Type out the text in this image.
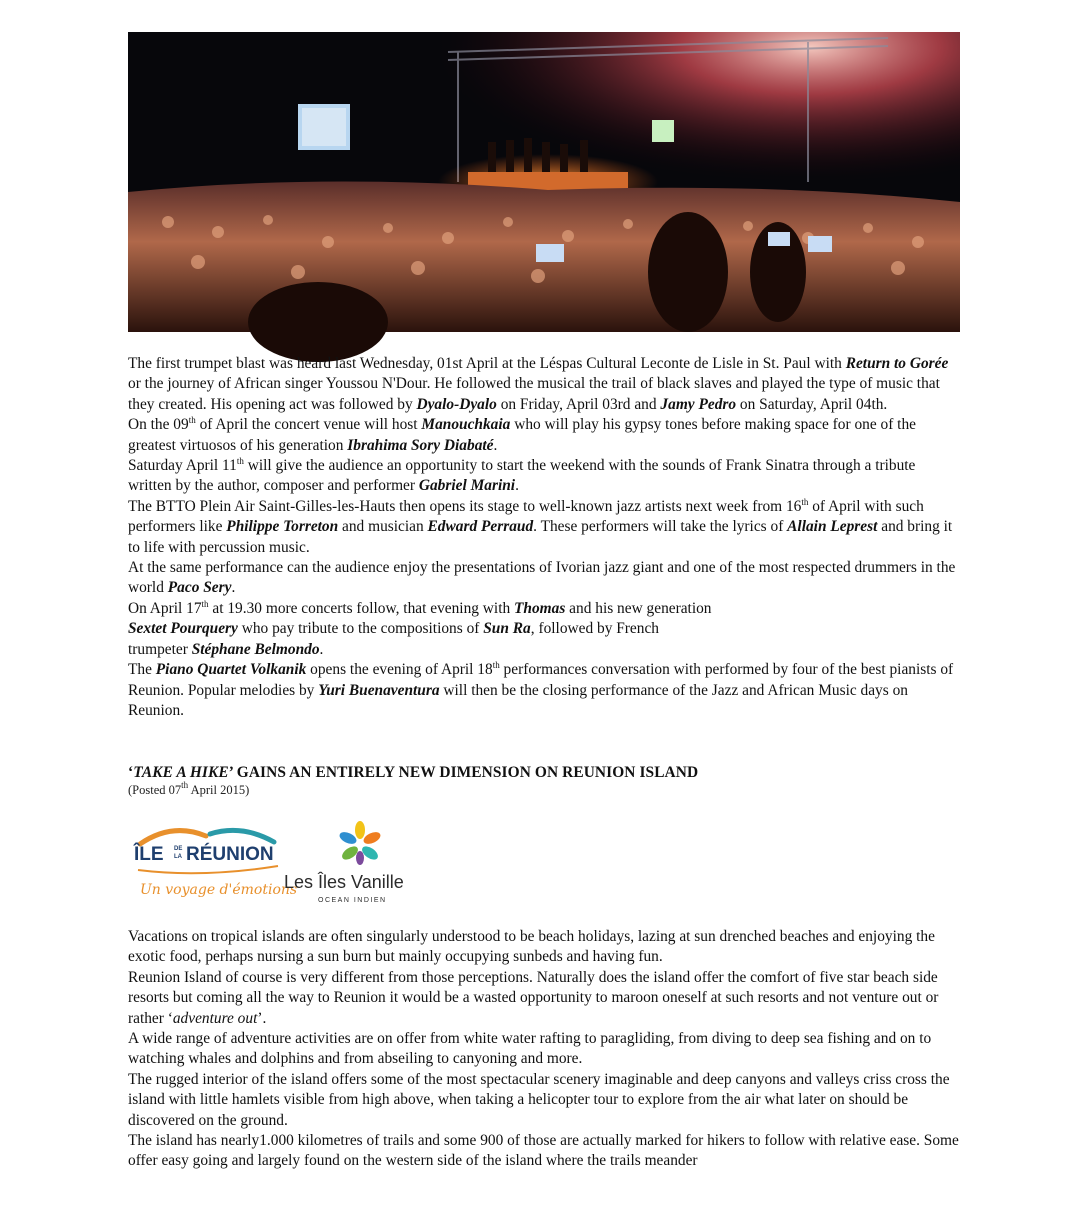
The first trumpet blast was heard last Wednesday, 01st April at the Léspas Cultural Leconte de Lisle in St. Paul with Return to Gorée or the journey of African singer Youssou N'Dour. He followed the musical the trail of black slaves and played the type of music that they created. His opening act was followed by Dyalo-Dyalo on Friday, April 03rd and Jamy Pedro on Saturday, April 04th.

On the 09th of April the concert venue will host Manouchkaia who will play his gypsy tones before making space for one of the greatest virtuosos of his generation Ibrahima Sory Diabaté.

Saturday April 11th will give the audience an opportunity to start the weekend with the sounds of Frank Sinatra through a tribute written by the author, composer and performer Gabriel Marini.

The BTTO Plein Air Saint-Gilles-les-Hauts then opens its stage to well-known jazz artists next week from 16th of April with such performers like Philippe Torreton and musician Edward Perraud. These performers will take the lyrics of Allain Leprest and bring it to life with percussion music.

At the same performance can the audience enjoy the presentations of Ivorian jazz giant and one of the most respected drummers in the world Paco Sery.

On April 17th at 19.30 more concerts follow, that evening with Thomas and his new generation
Sextet Pourquery who pay tribute to the compositions of Sun Ra, followed by French
trumpeter Stéphane Belmondo.

The Piano Quartet Volkanik opens the evening of April 18th performances conversation with performed by four of the best pianists of Reunion. Popular melodies by Yuri Buenaventura will then be the closing performance of the Jazz and African Music days on Reunion.

‘TAKE A HIKE’ GAINS AN ENTIRELY NEW DIMENSION ON REUNION ISLAND
(Posted 07th April 2015)
ÎLE DE
LA RÉUNION
Un voyage d'émotions
Les Îles Vanille
OCEAN INDIEN

Vacations on tropical islands are often singularly understood to be beach holidays, lazing at sun drenched beaches and enjoying the exotic food, perhaps nursing a sun burn but mainly occupying sunbeds and having fun.

Reunion Island of course is very different from those perceptions. Naturally does the island offer the comfort of five star beach side resorts but coming all the way to Reunion it would be a wasted opportunity to maroon oneself at such resorts and not venture out or rather ‘adventure out’.

A wide range of adventure activities are on offer from white water rafting to paragliding, from diving to deep sea fishing and on to watching whales and dolphins and from abseiling to canyoning and more.

The rugged interior of the island offers some of the most spectacular scenery imaginable and deep canyons and valleys criss cross the island with little hamlets visible from high above, when taking a helicopter tour to explore from the air what later on should be discovered on the ground.

The island has nearly1.000 kilometres of trails and some 900 of those are actually marked for hikers to follow with relative ease. Some offer easy going and largely found on the western side of the island where the trails meander
